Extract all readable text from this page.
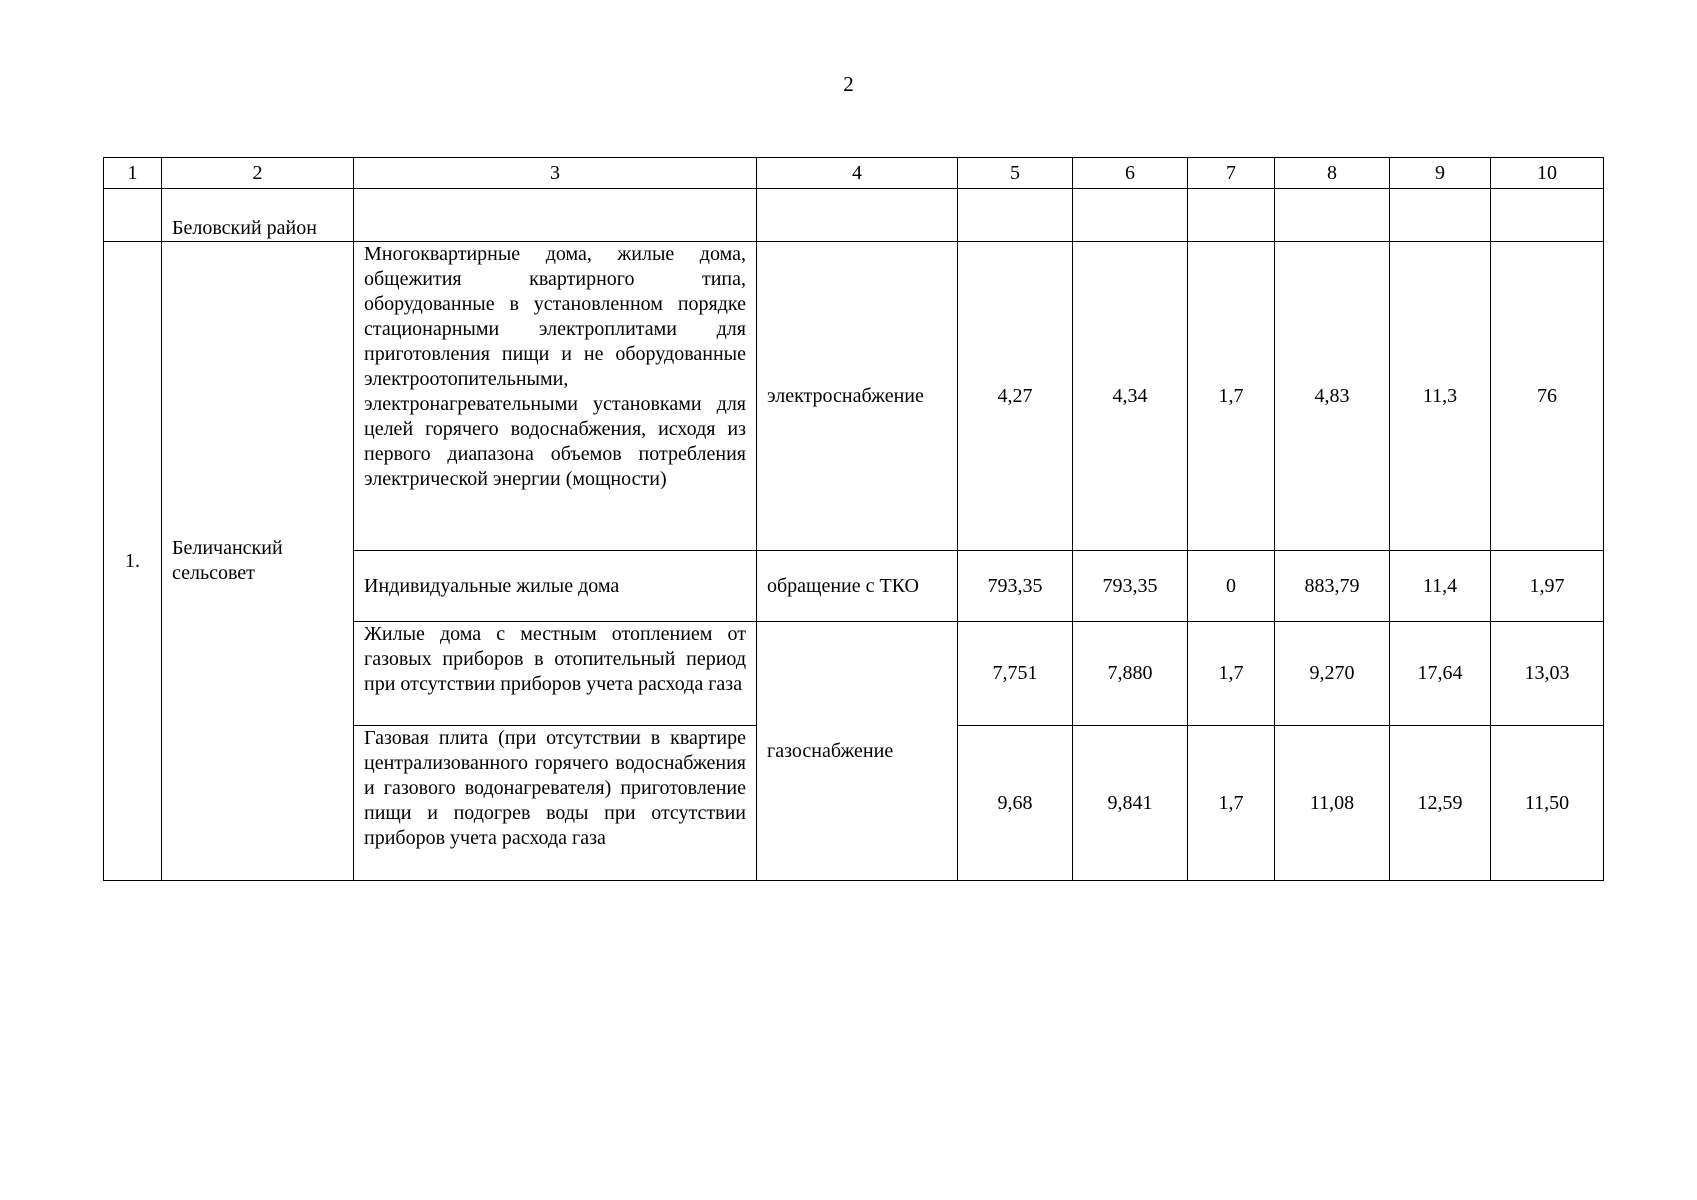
2
1	2	3	4	5	6	7	8	9	10
	Беловский район								
1.	Беличанский сельсовет	Многоквартирные дома, жилые дома, общежития квартирного типа, оборудованные в установленном порядке стационарными электроплитами для приготовления пищи и не оборудованные электроотопительными, электронагревательными установками для целей горячего водоснабжения, исходя из первого диапазона объемов потребления электрической энергии (мощности)	электроснабжение	4,27	4,34	1,7	4,83	11,3	76
		Индивидуальные жилые дома	обращение с ТКО	793,35	793,35	0	883,79	11,4	1,97
		Жилые дома с местным отоплением от газовых приборов в отопительный период при отсутствии приборов учета расхода газа	газоснабжение	7,751	7,880	1,7	9,270	17,64	13,03
		Газовая плита (при отсутствии в квартире централизованного горячего водоснабжения и газового водонагревателя) приготовление пищи и подогрев воды при отсутствии приборов учета расхода газа		9,68	9,841	1,7	11,08	12,59	11,50
